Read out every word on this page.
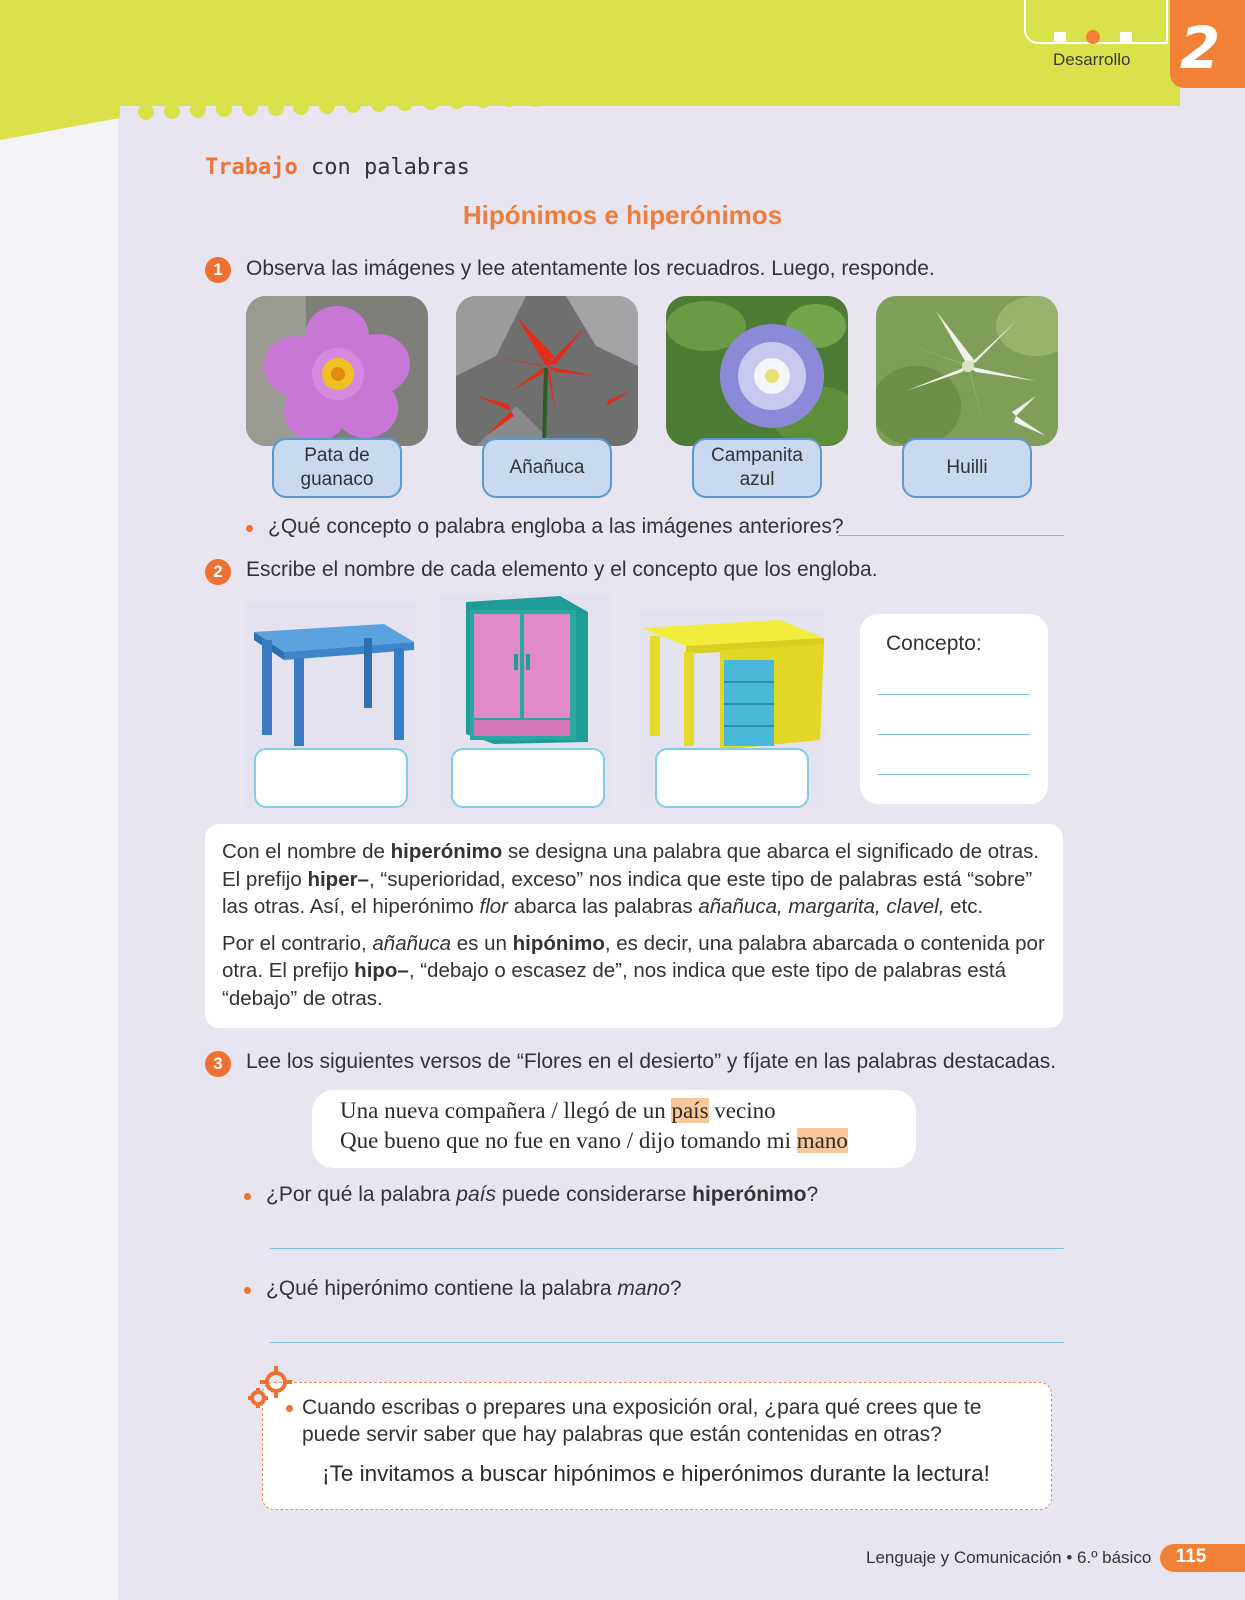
2
Desarrollo
Trabajo con palabras
Hipónimos e hiperónimos
1	Observa las imágenes y lee atentamente los recuadros. Luego, responde.
Pata de guanaco
Añañuca
Campanita azul
Huilli
¿Qué concepto o palabra engloba a las imágenes anteriores?
2	Escribe el nombre de cada elemento y el concepto que los engloba.
Concepto:

Con el nombre de hiperónimo se designa una palabra que abarca el significado de otras. El prefijo hiper–, “superioridad, exceso” nos indica que este tipo de palabras está “sobre” las otras. Así, el hiperónimo flor abarca las palabras añañuca, margarita, clavel, etc.

Por el contrario, añañuca es un hipónimo, es decir, una palabra abarcada o contenida por otra. El prefijo hipo–, “debajo o escasez de”, nos indica que este tipo de palabras está “debajo” de otras.

3	Lee los siguientes versos de “Flores en el desierto” y fíjate en las palabras destacadas.
Una nueva compañera / llegó de un país vecino
Que bueno que no fue en vano / dijo tomando mi mano
¿Por qué la palabra país puede considerarse hiperónimo?
¿Qué hiperónimo contiene la palabra mano?
Cuando escribas o prepares una exposición oral, ¿para qué crees que te puede servir saber que hay palabras que están contenidas en otras?
¡Te invitamos a buscar hipónimos e hiperónimos durante la lectura!
Lenguaje y Comunicación • 6.º básico	115
